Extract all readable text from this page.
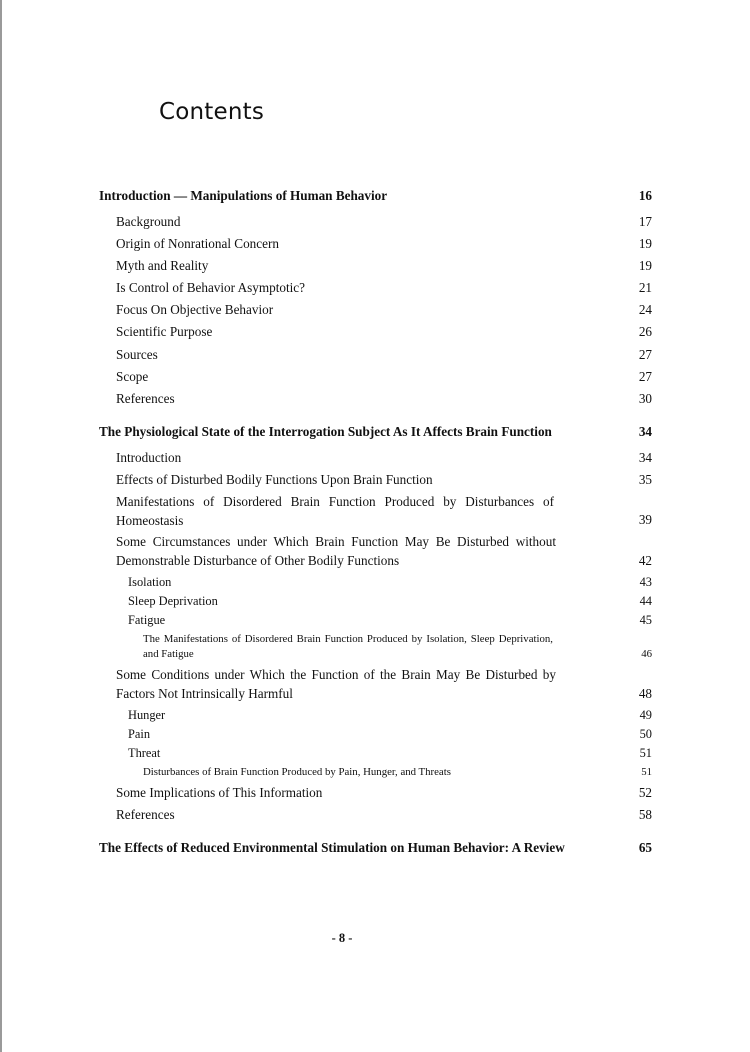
Contents
Introduction — Manipulations of Human Behavior	16
Background	17
Origin of Nonrational Concern	19
Myth and Reality	19
Is Control of Behavior Asymptotic?	21
Focus On Objective Behavior	24
Scientific Purpose	26
Sources	27
Scope	27
References	30
The Physiological State of the Interrogation Subject As It Affects Brain Function	34
Introduction	34
Effects of Disturbed Bodily Functions Upon Brain Function	35
Manifestations of Disordered Brain Function Produced by Disturbances of Homeostasis	39
Some Circumstances under Which Brain Function May Be Disturbed without Demonstrable Disturbance of Other Bodily Functions	42
Isolation	43
Sleep Deprivation	44
Fatigue	45
The Manifestations of Disordered Brain Function Produced by Isolation, Sleep Deprivation, and Fatigue	46
Some Conditions under Which the Function of the Brain May Be Disturbed by Factors Not Intrinsically Harmful	48
Hunger	49
Pain	50
Threat	51
Disturbances of Brain Function Produced by Pain, Hunger, and Threats	51
Some Implications of This Information	52
References	58
The Effects of Reduced Environmental Stimulation on Human Behavior: A Review	65
- 8 -
